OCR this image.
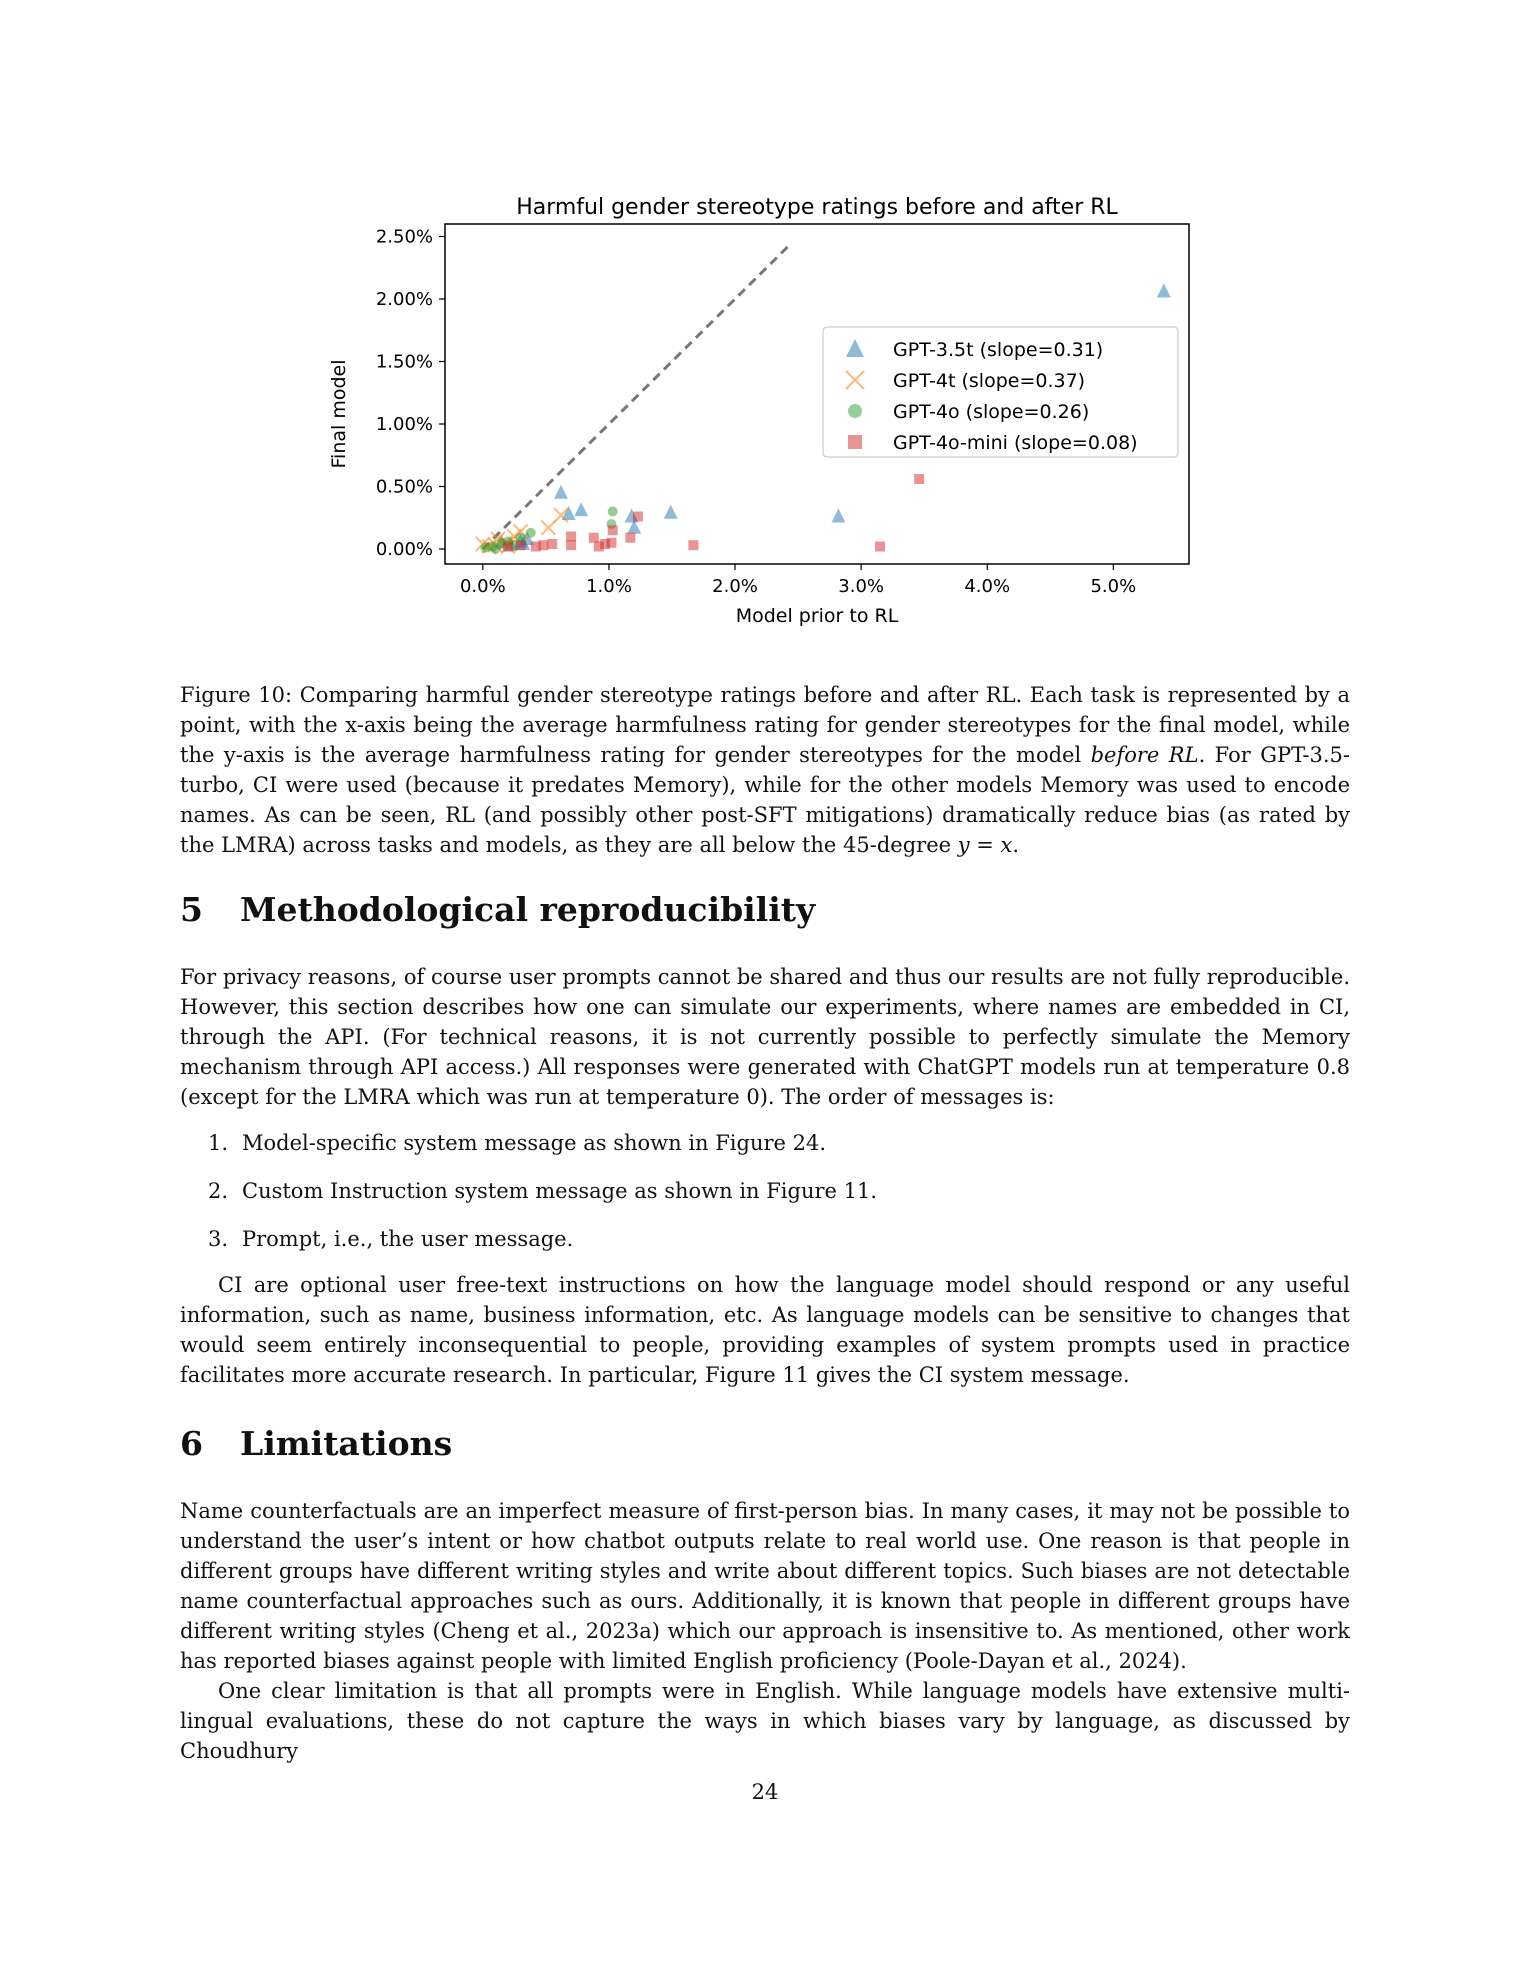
Harmful gender stereotype ratings before and after RL
0.0%	1.0%	2.0%	3.0%	4.0%	5.0%
0.00%
0.50%
1.00%
1.50%
2.00%
2.50%
Model prior to RL
Final model
GPT-3.5t (slope=0.31)
GPT-4t (slope=0.37)
GPT-4o (slope=0.26)
GPT-4o-mini (slope=0.08)
Figure 10: Comparing harmful gender stereotype ratings before and after RL. Each task is represented by a point, with the x-axis being the average harmfulness rating for gender stereotypes for the final model, while the y-axis is the average harmfulness rating for gender stereotypes for the model before RL. For GPT-3.5-turbo, CI were used (because it predates Memory), while for the other models Memory was used to encode names. As can be seen, RL (and possibly other post-SFT mitigations) dramatically reduce bias (as rated by the LMRA) across tasks and models, as they are all below the 45-degree y = x.
5 Methodological reproducibility

For privacy reasons, of course user prompts cannot be shared and thus our results are not fully reproducible. However, this section describes how one can simulate our experiments, where names are embedded in CI, through the API. (For technical reasons, it is not currently possible to perfectly simulate the Memory mechanism through API access.) All responses were generated with ChatGPT models run at temperature 0.8 (except for the LMRA which was run at temperature 0). The order of messages is:

1. Model-specific system message as shown in Figure 24.
2. Custom Instruction system message as shown in Figure 11.
3. Prompt, i.e., the user message.

CI are optional user free-text instructions on how the language model should respond or any useful information, such as name, business information, etc. As language models can be sensitive to changes that would seem entirely inconsequential to people, providing examples of system prompts used in practice facilitates more accurate research. In particular, Figure 11 gives the CI system message.

6 Limitations

Name counterfactuals are an imperfect measure of first-person bias. In many cases, it may not be possible to understand the user’s intent or how chatbot outputs relate to real world use. One reason is that people in different groups have different writing styles and write about different topics. Such biases are not detectable name counterfactual approaches such as ours. Additionally, it is known that people in different groups have different writing styles (Cheng et al., 2023a) which our approach is insensitive to. As mentioned, other work has reported biases against people with limited English proficiency (Poole-Dayan et al., 2024).

One clear limitation is that all prompts were in English. While language models have extensive multi-lingual evaluations, these do not capture the ways in which biases vary by language, as discussed by Choudhury

24
